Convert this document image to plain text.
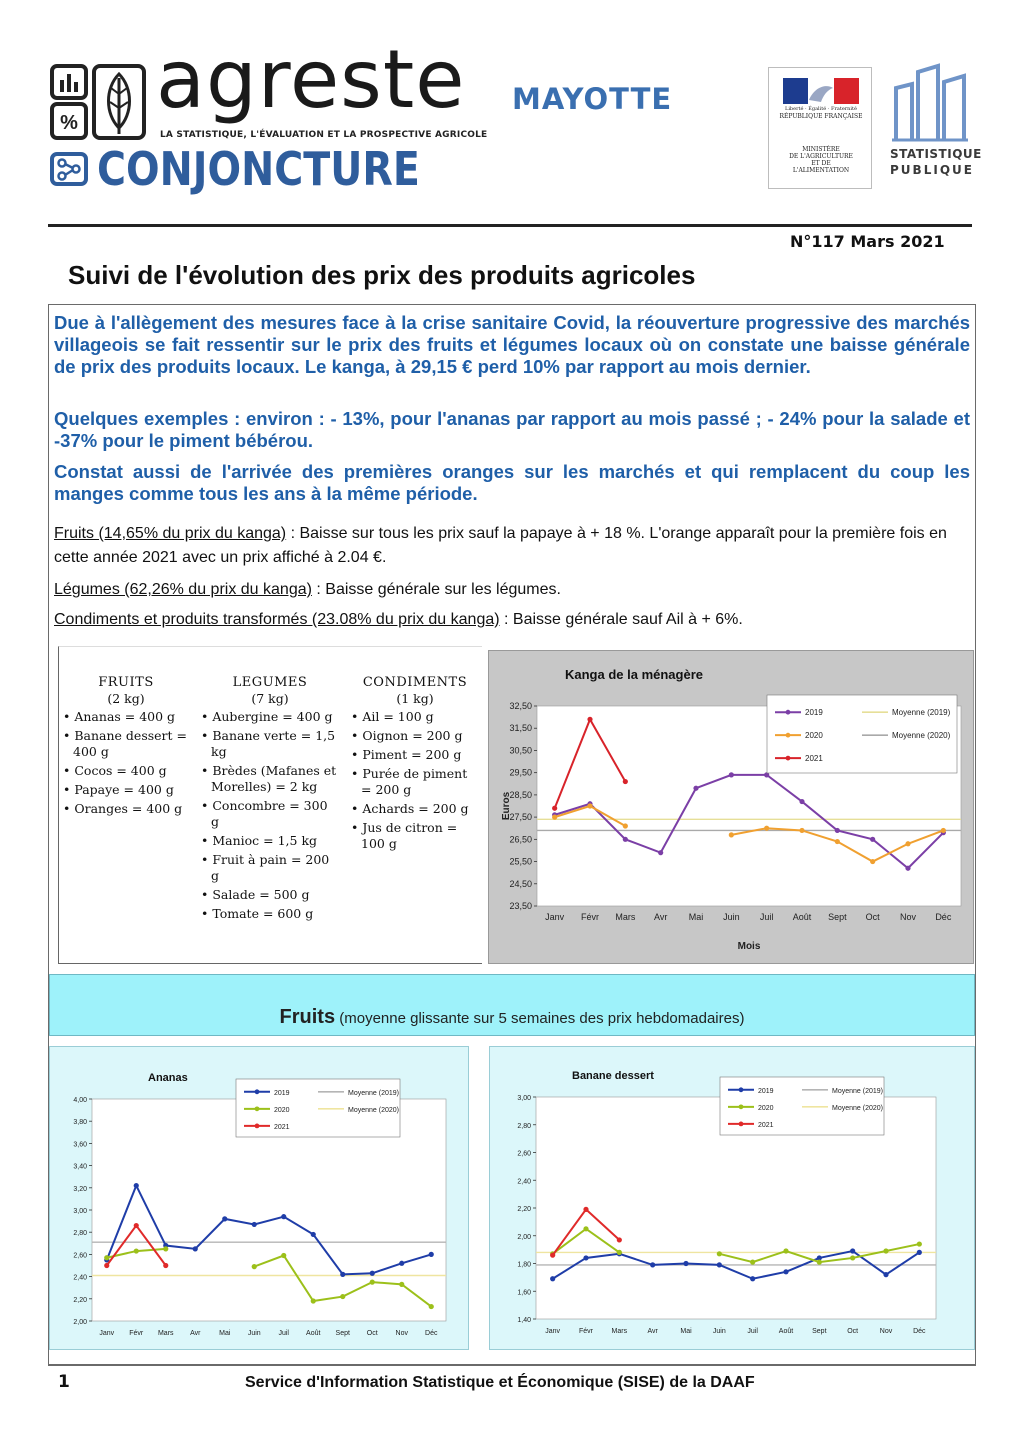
% agreste
LA STATISTIQUE, L'ÉVALUATION ET LA PROSPECTIVE AGRICOLE
MAYOTTE
CONJONCTURE
Liberté · Égalité · Fraternité
RÉPUBLIQUE FRANÇAISE
MINISTÈRE
DE L'AGRICULTURE
ET DE
L'ALIMENTATION
STATISTIQUE
PUBLIQUE
N°117 Mars 2021
Suivi de l'évolution des prix des produits agricoles
Due à l'allègement des mesures face à la crise sanitaire Covid, la réouverture progressive des marchés villageois se fait ressentir sur le prix des fruits et légumes locaux où on constate une baisse générale de prix des produits locaux. Le kanga, à 29,15 € perd 10% par rapport au mois dernier.
Quelques exemples : environ : - 13%, pour l'ananas par rapport au mois passé ; - 24% pour la salade et -37% pour le piment bébérou.
Constat aussi de l'arrivée des premières oranges sur les marchés et qui remplacent du coup les manges comme tous les ans à la même période.
Fruits (14,65% du prix du kanga) : Baisse sur tous les prix sauf la papaye à + 18 %. L'orange apparaît pour la première fois en cette année 2021 avec un prix affiché à 2.04 €.
Légumes (62,26% du prix du kanga) : Baisse générale sur les légumes.
Condiments et produits transformés (23.08% du prix du kanga) : Baisse générale sauf Ail à + 6%.
FRUITS
(2 kg)
• Ananas = 400 g
• Banane dessert = 400 g
• Cocos = 400 g
• Papaye = 400 g
• Oranges = 400 g
LEGUMES
(7 kg)
• Aubergine = 400 g
• Banane verte = 1,5 kg
• Brèdes (Mafanes et Morelles) = 2 kg
• Concombre = 300 g
• Manioc = 1,5 kg
• Fruit à pain = 200 g
• Salade = 500 g
• Tomate = 600 g
CONDIMENTS
(1 kg)
• Ail = 100 g
• Oignon = 200 g
• Piment = 200 g
• Purée de piment = 200 g
• Achards = 200 g
• Jus de citron = 100 g
Kanga de la ménagère
23,50
24,50
25,50
26,50
27,50
28,50
29,50
30,50
31,50
32,50
Janv Févr Mars Avr Mai Juin Juil Août Sept Oct Nov Déc
Mois
Euros
2019
2020
2021
Moyenne (2019)
Moyenne (2020)
Fruits (moyenne glissante sur 5 semaines des prix hebdomadaires)
Ananas
2,00
2,20
2,40
2,60
2,80
3,00
3,20
3,40
3,60
3,80
4,00
Janv Févr Mars Avr	Mai Juin	Juil Août Sept Oct	Nov Déc
2019
2020
2021
Moyenne (2019)
Moyenne (2020)
Banane dessert
1,40
1,60
1,80
2,00
2,20
2,40
2,60
2,80
3,00
Janv	Févr	Mars	Avr	Mai	Juin	Juil	Août	Sept	Oct	Nov	Déc
2019
2020
2021
Moyenne (2019)
Moyenne (2020)
1	Service d'Information Statistique et Économique (SISE) de la DAAF
